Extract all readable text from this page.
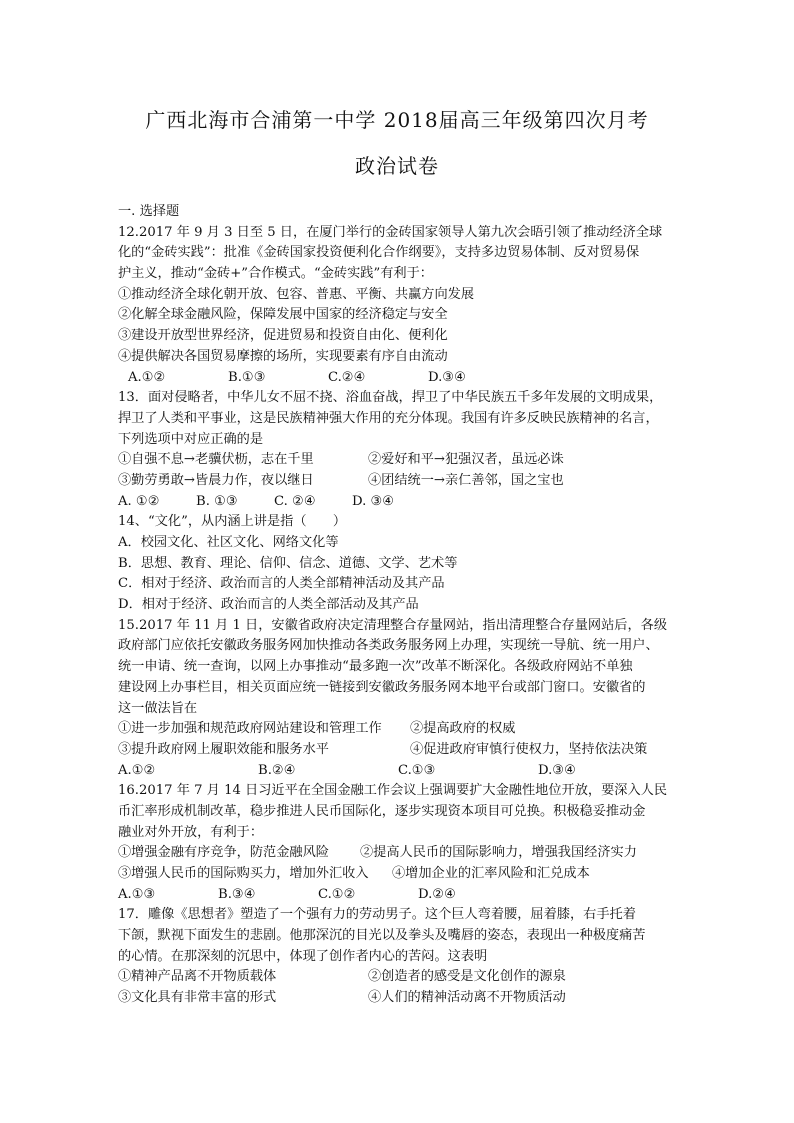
广西北海市合浦第一中学 2018届高三年级第四次月考
政治试卷
一. 选择题
12.2017 年 9 月 3 日至 5 日，在厦门举行的金砖国家领导人第九次会晤引领了推动经济全球
化的“金砖实践”：批准《金砖国家投资便利化合作纲要》，支持多边贸易体制、反对贸易保
护主义，推动“金砖+”合作模式。“金砖实践”有利于：
①推动经济全球化朝开放、包容、普惠、平衡、共赢方向发展
②化解全球金融风险，保障发展中国家的经济稳定与安全
③建设开放型世界经济，促进贸易和投资自由化、便利化
④提供解决各国贸易摩擦的场所，实现要素有序自由流动
A.①②	B.①③	C.②④	D.③④
13．面对侵略者，中华儿女不屈不挠、浴血奋战，捍卫了中华民族五千多年发展的文明成果，
捍卫了人类和平事业，这是民族精神强大作用的充分体现。我国有许多反映民族精神的名言，
下列选项中对应正确的是
①自强不息→老骥伏枥，志在千里	②爱好和平→犯强汉者，虽远必诛
③勤劳勇敢→皆晨力作，夜以继日	④团结统一→亲仁善邻，国之宝也
A. ①②	B. ①③	C. ②④	D. ③④
14、“文化”，从内涵上讲是指（　　）
A．校园文化、社区文化、网络文化等
B．思想、教育、理论、信仰、信念、道德、文学、艺术等
C．相对于经济、政治而言的人类全部精神活动及其产品
D．相对于经济、政治而言的人类全部活动及其产品
15.2017 年 11 月 1 日，安徽省政府决定清理整合存量网站，指出清理整合存量网站后，各级
政府部门应依托安徽政务服务网加快推动各类政务服务网上办理，实现统一导航、统一用户、
统一申请、统一查询，以网上办事推动“最多跑一次”改革不断深化。各级政府网站不单独
建设网上办事栏目，相关页面应统一链接到安徽政务服务网本地平台或部门窗口。安徽省的
这一做法旨在
①进一步加强和规范政府网站建设和管理工作	②提高政府的权威
③提升政府网上履职效能和服务水平	④促进政府审慎行使权力，坚持依法决策
A.①②	B.②④	C.①③	D.③④
16.2017 年 7 月 14 日习近平在全国金融工作会议上强调要扩大金融性地位开放，要深入人民
币汇率形成机制改革，稳步推进人民币国际化，逐步实现资本项目可兑换。积极稳妥推动金
融业对外开放，有利于：
①增强金融有序竞争，防范金融风险	②提高人民币的国际影响力，增强我国经济实力
③增强人民币的国际购买力，增加外汇收入	④增加企业的汇率风险和汇兑成本
A.①③	B.③④	C.①②	D.②④
17．雕像《思想者》塑造了一个强有力的劳动男子。这个巨人弯着腰，屈着膝，右手托着
下颌，默视下面发生的悲剧。他那深沉的目光以及拳头及嘴唇的姿态，表现出一种极度痛苦
的心情。在那深刻的沉思中，体现了创作者内心的苦闷。这表明
①精神产品离不开物质载体	②创造者的感受是文化创作的源泉
③文化具有非常丰富的形式	④人们的精神活动离不开物质活动
